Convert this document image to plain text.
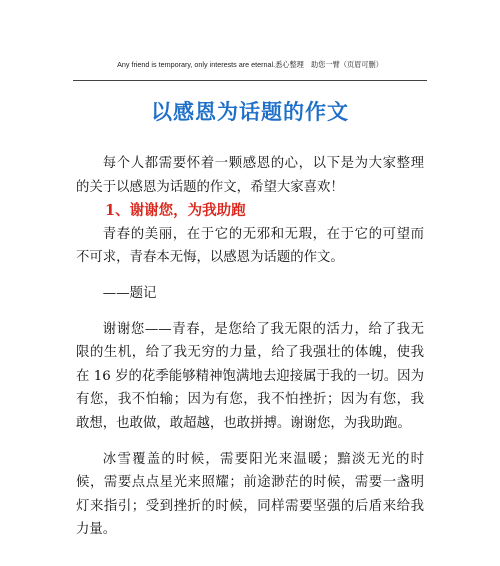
Any friend is temporary, only interests are eternal.悉心整理　助您一臂（页眉可删）
以感恩为话题的作文

每个人都需要怀着一颗感恩的心，以下是为大家整理的关于以感恩为话题的作文，希望大家喜欢！

1、谢谢您，为我助跑

青春的美丽，在于它的无邪和无瑕，在于它的可望而不可求，青春本无悔，以感恩为话题的作文。

——题记

谢谢您——青春，是您给了我无限的活力，给了我无限的生机，给了我无穷的力量，给了我强壮的体魄，使我在 16 岁的花季能够精神饱满地去迎接属于我的一切。因为有您，我不怕输；因为有您，我不怕挫折；因为有您，我敢想，也敢做，敢超越，也敢拼搏。谢谢您，为我助跑。

冰雪覆盖的时候，需要阳光来温暖；黯淡无光的时候，需要点点星光来照耀；前途渺茫的时候，需要一盏明灯来指引；受到挫折的时候，同样需要坚强的后盾来给我力量。
